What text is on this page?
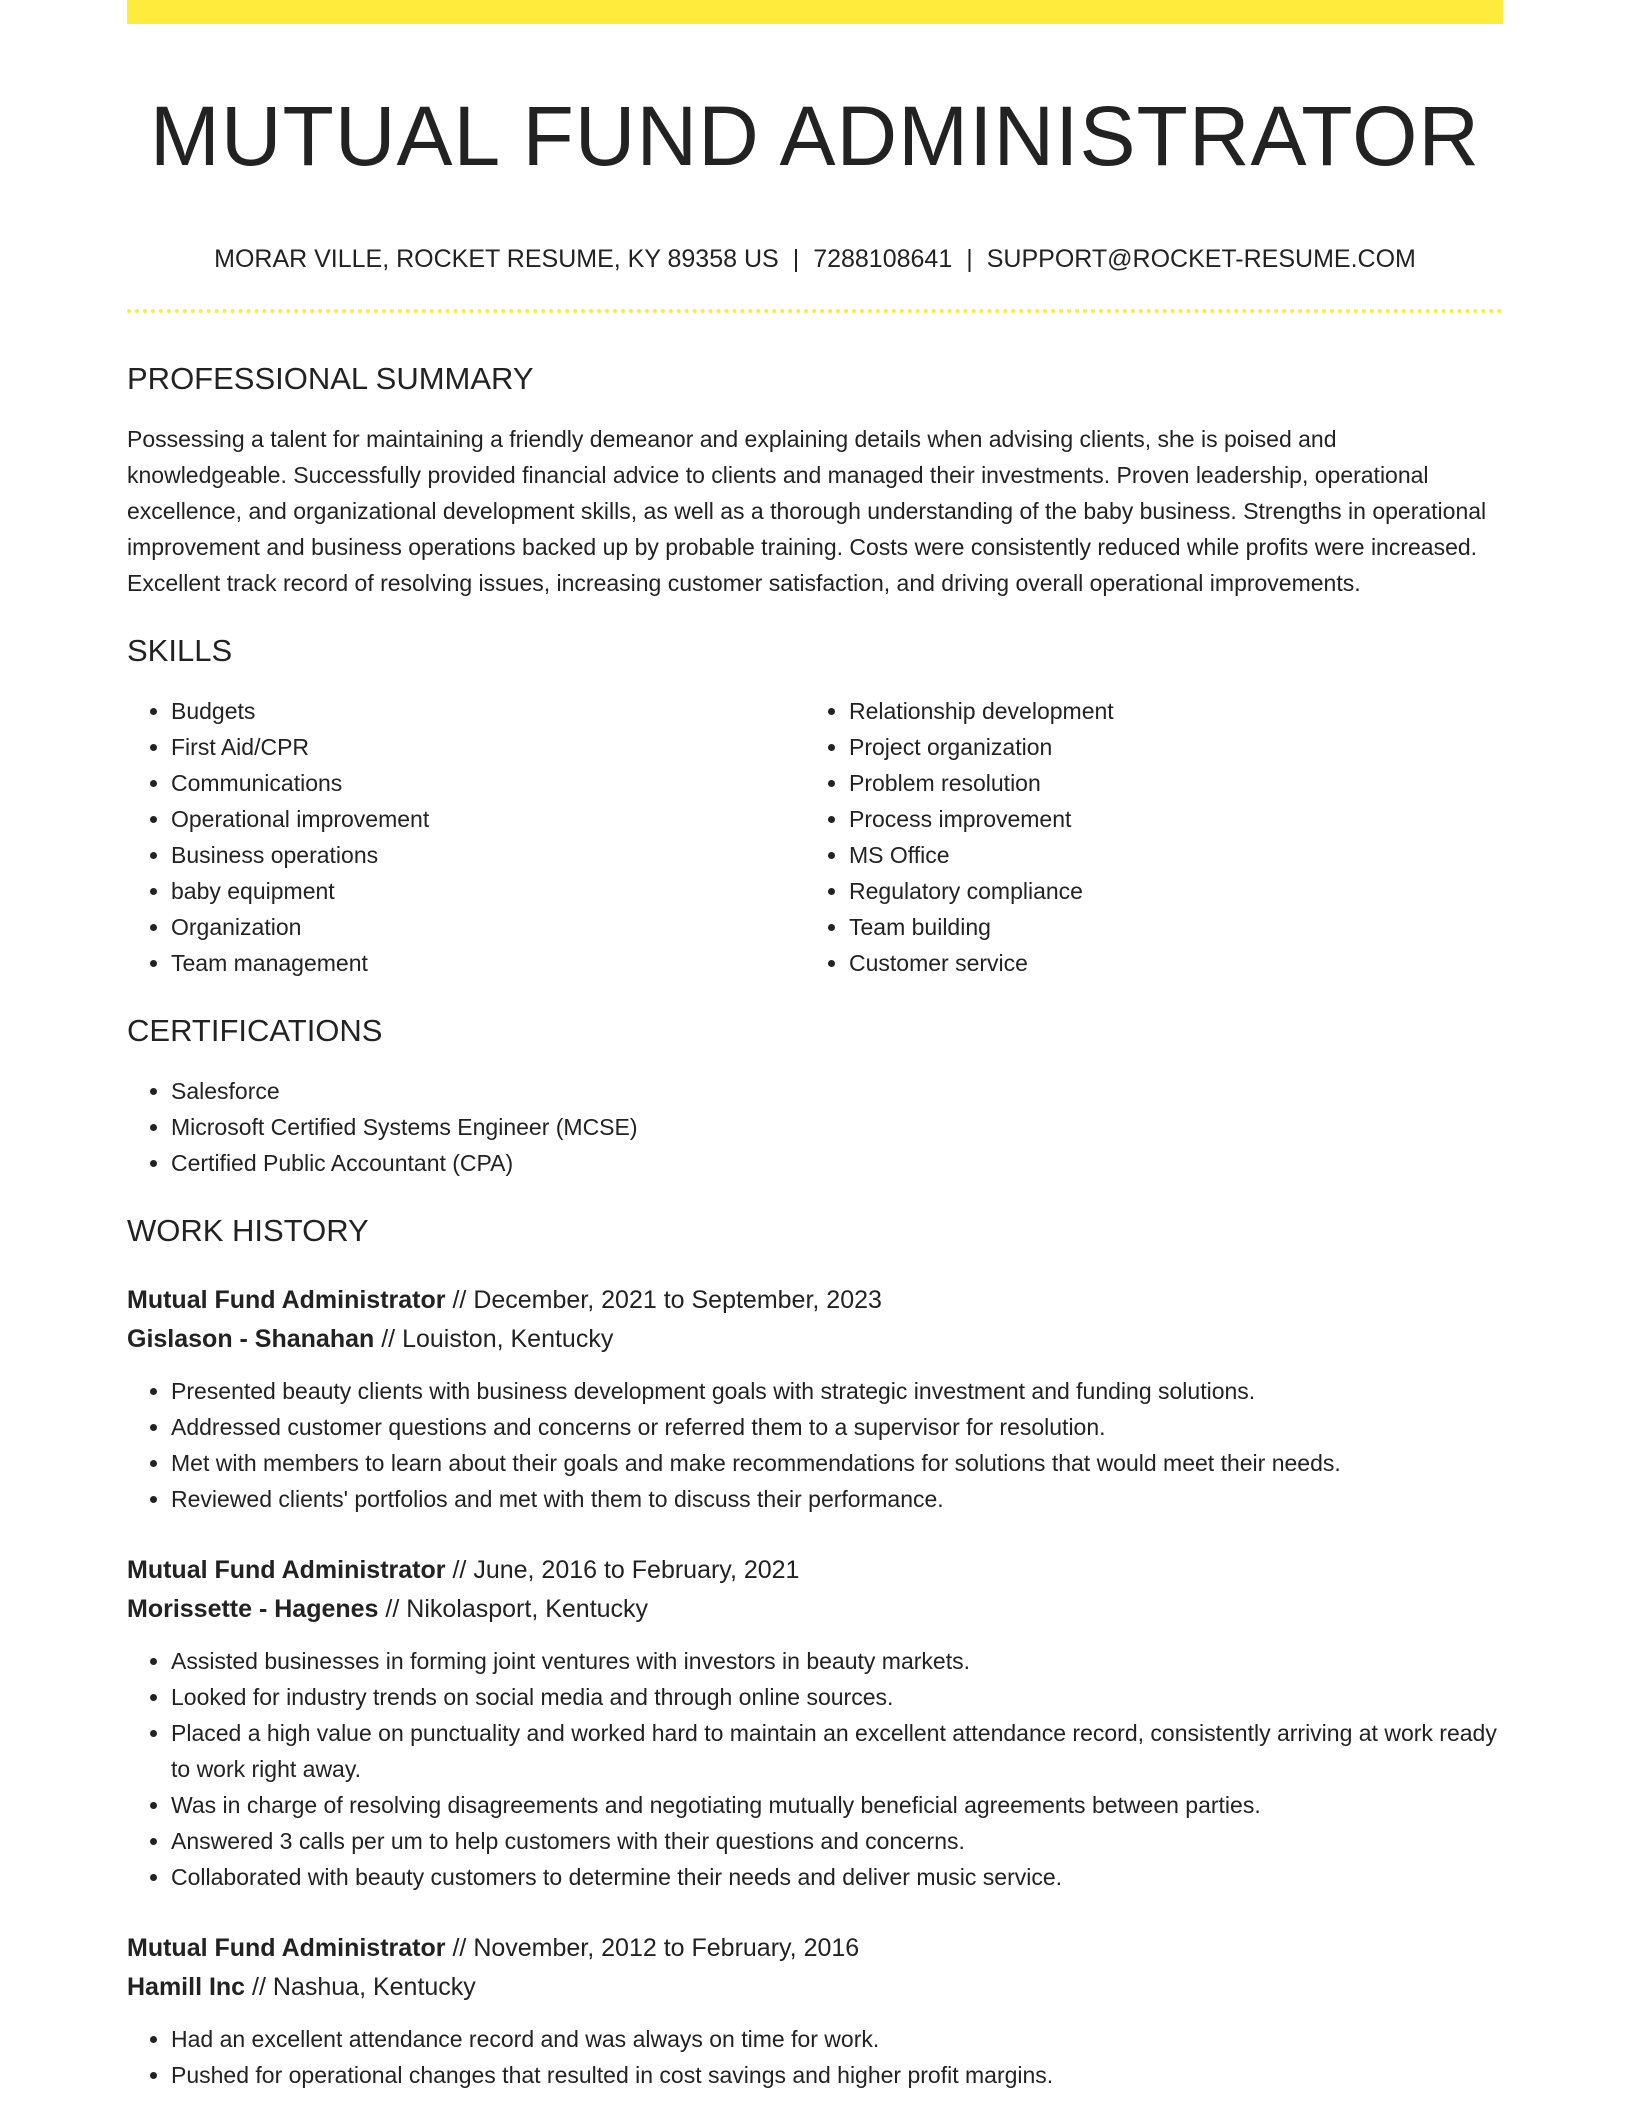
MUTUAL FUND ADMINISTRATOR
MORAR VILLE, ROCKET RESUME, KY 89358 US | 7288108641 | SUPPORT@ROCKET-RESUME.COM
PROFESSIONAL SUMMARY
Possessing a talent for maintaining a friendly demeanor and explaining details when advising clients, she is poised and knowledgeable. Successfully provided financial advice to clients and managed their investments. Proven leadership, operational excellence, and organizational development skills, as well as a thorough understanding of the baby business. Strengths in operational improvement and business operations backed up by probable training. Costs were consistently reduced while profits were increased. Excellent track record of resolving issues, increasing customer satisfaction, and driving overall operational improvements.
SKILLS
• Budgets
• First Aid/CPR
• Communications
• Operational improvement
• Business operations
• baby equipment
• Organization
• Team management
• Relationship development
• Project organization
• Problem resolution
• Process improvement
• MS Office
• Regulatory compliance
• Team building
• Customer service
CERTIFICATIONS
• Salesforce
• Microsoft Certified Systems Engineer (MCSE)
• Certified Public Accountant (CPA)
WORK HISTORY
Mutual Fund Administrator // December, 2021 to September, 2023
Gislason - Shanahan // Louiston, Kentucky
• Presented beauty clients with business development goals with strategic investment and funding solutions.
• Addressed customer questions and concerns or referred them to a supervisor for resolution.
• Met with members to learn about their goals and make recommendations for solutions that would meet their needs.
• Reviewed clients' portfolios and met with them to discuss their performance.
Mutual Fund Administrator // June, 2016 to February, 2021
Morissette - Hagenes // Nikolasport, Kentucky
• Assisted businesses in forming joint ventures with investors in beauty markets.
• Looked for industry trends on social media and through online sources.
• Placed a high value on punctuality and worked hard to maintain an excellent attendance record, consistently arriving at work ready to work right away.
• Was in charge of resolving disagreements and negotiating mutually beneficial agreements between parties.
• Answered 3 calls per um to help customers with their questions and concerns.
• Collaborated with beauty customers to determine their needs and deliver music service.
Mutual Fund Administrator // November, 2012 to February, 2016
Hamill Inc // Nashua, Kentucky
• Had an excellent attendance record and was always on time for work.
• Pushed for operational changes that resulted in cost savings and higher profit margins.
